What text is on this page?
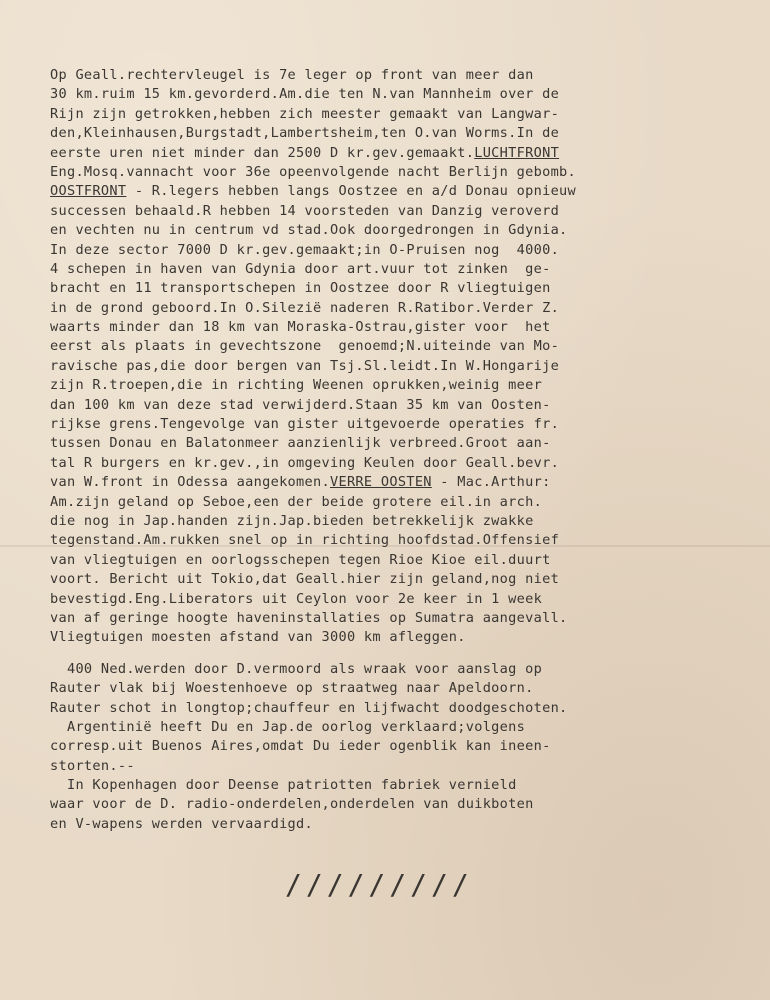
Op Geall.rechtervleugel is 7e leger op front van meer dan
30 km.ruim 15 km.gevorderd.Am.die ten N.van Mannheim over de
Rijn zijn getrokken,hebben zich meester gemaakt van Langwar-
den,Kleinhausen,Burgstadt,Lambertsheim,ten O.van Worms.In de
eerste uren niet minder dan 2500 D kr.gev.gemaakt.LUCHTFRONT
Eng.Mosq.vannacht voor 36e opeenvolgende nacht Berlijn gebomb.
OOSTFRONT - R.legers hebben langs Oostzee en a/d Donau opnieuw
successen behaald.R hebben 14 voorsteden van Danzig veroverd
en vechten nu in centrum vd stad.Ook doorgedrongen in Gdynia.
In deze sector 7000 D kr.gev.gemaakt;in O-Pruisen nog  4000.
4 schepen in haven van Gdynia door art.vuur tot zinken  ge-
bracht en 11 transportschepen in Oostzee door R vliegtuigen
in de grond geboord.In O.Silezië naderen R.Ratibor.Verder Z.
waarts minder dan 18 km van Moraska-Ostrau,gister voor  het
eerst als plaats in gevechtszone  genoemd;N.uiteinde van Mo-
ravische pas,die door bergen van Tsj.Sl.leidt.In W.Hongarije
zijn R.troepen,die in richting Weenen oprukken,weinig meer
dan 100 km van deze stad verwijderd.Staan 35 km van Oosten-
rijkse grens.Tengevolge van gister uitgevoerde operaties fr.
tussen Donau en Balatonmeer aanzienlijk verbreed.Groot aan-
tal R burgers en kr.gev.,in omgeving Keulen door Geall.bevr.
van W.front in Odessa aangekomen.VERRE OOSTEN - Mac.Arthur:
Am.zijn geland op Seboe,een der beide grotere eil.in arch.
die nog in Jap.handen zijn.Jap.bieden betrekkelijk zwakke
tegenstand.Am.rukken snel op in richting hoofdstad.Offensief
van vliegtuigen en oorlogsschepen tegen Rioe Kioe eil.duurt
voort. Bericht uit Tokio,dat Geall.hier zijn geland,nog niet
bevestigd.Eng.Liberators uit Ceylon voor 2e keer in 1 week
van af geringe hoogte haveninstallaties op Sumatra aangevall.
Vliegtuigen moesten afstand van 3000 km afleggen.
400 Ned.werden door D.vermoord als wraak voor aanslag op
Rauter vlak bij Woestenhoeve op straatweg naar Apeldoorn.
Rauter schot in longtop;chauffeur en lijfwacht doodgeschoten.
Argentinië heeft Du en Jap.de oorlog verklaard;volgens
corresp.uit Buenos Aires,omdat Du ieder ogenblik kan ineen-
storten.--
In Kopenhagen door Deense patriotten fabriek vernield
waar voor de D. radio-onderdelen,onderdelen van duikboten
en V-wapens werden vervaardigd.
/////////
